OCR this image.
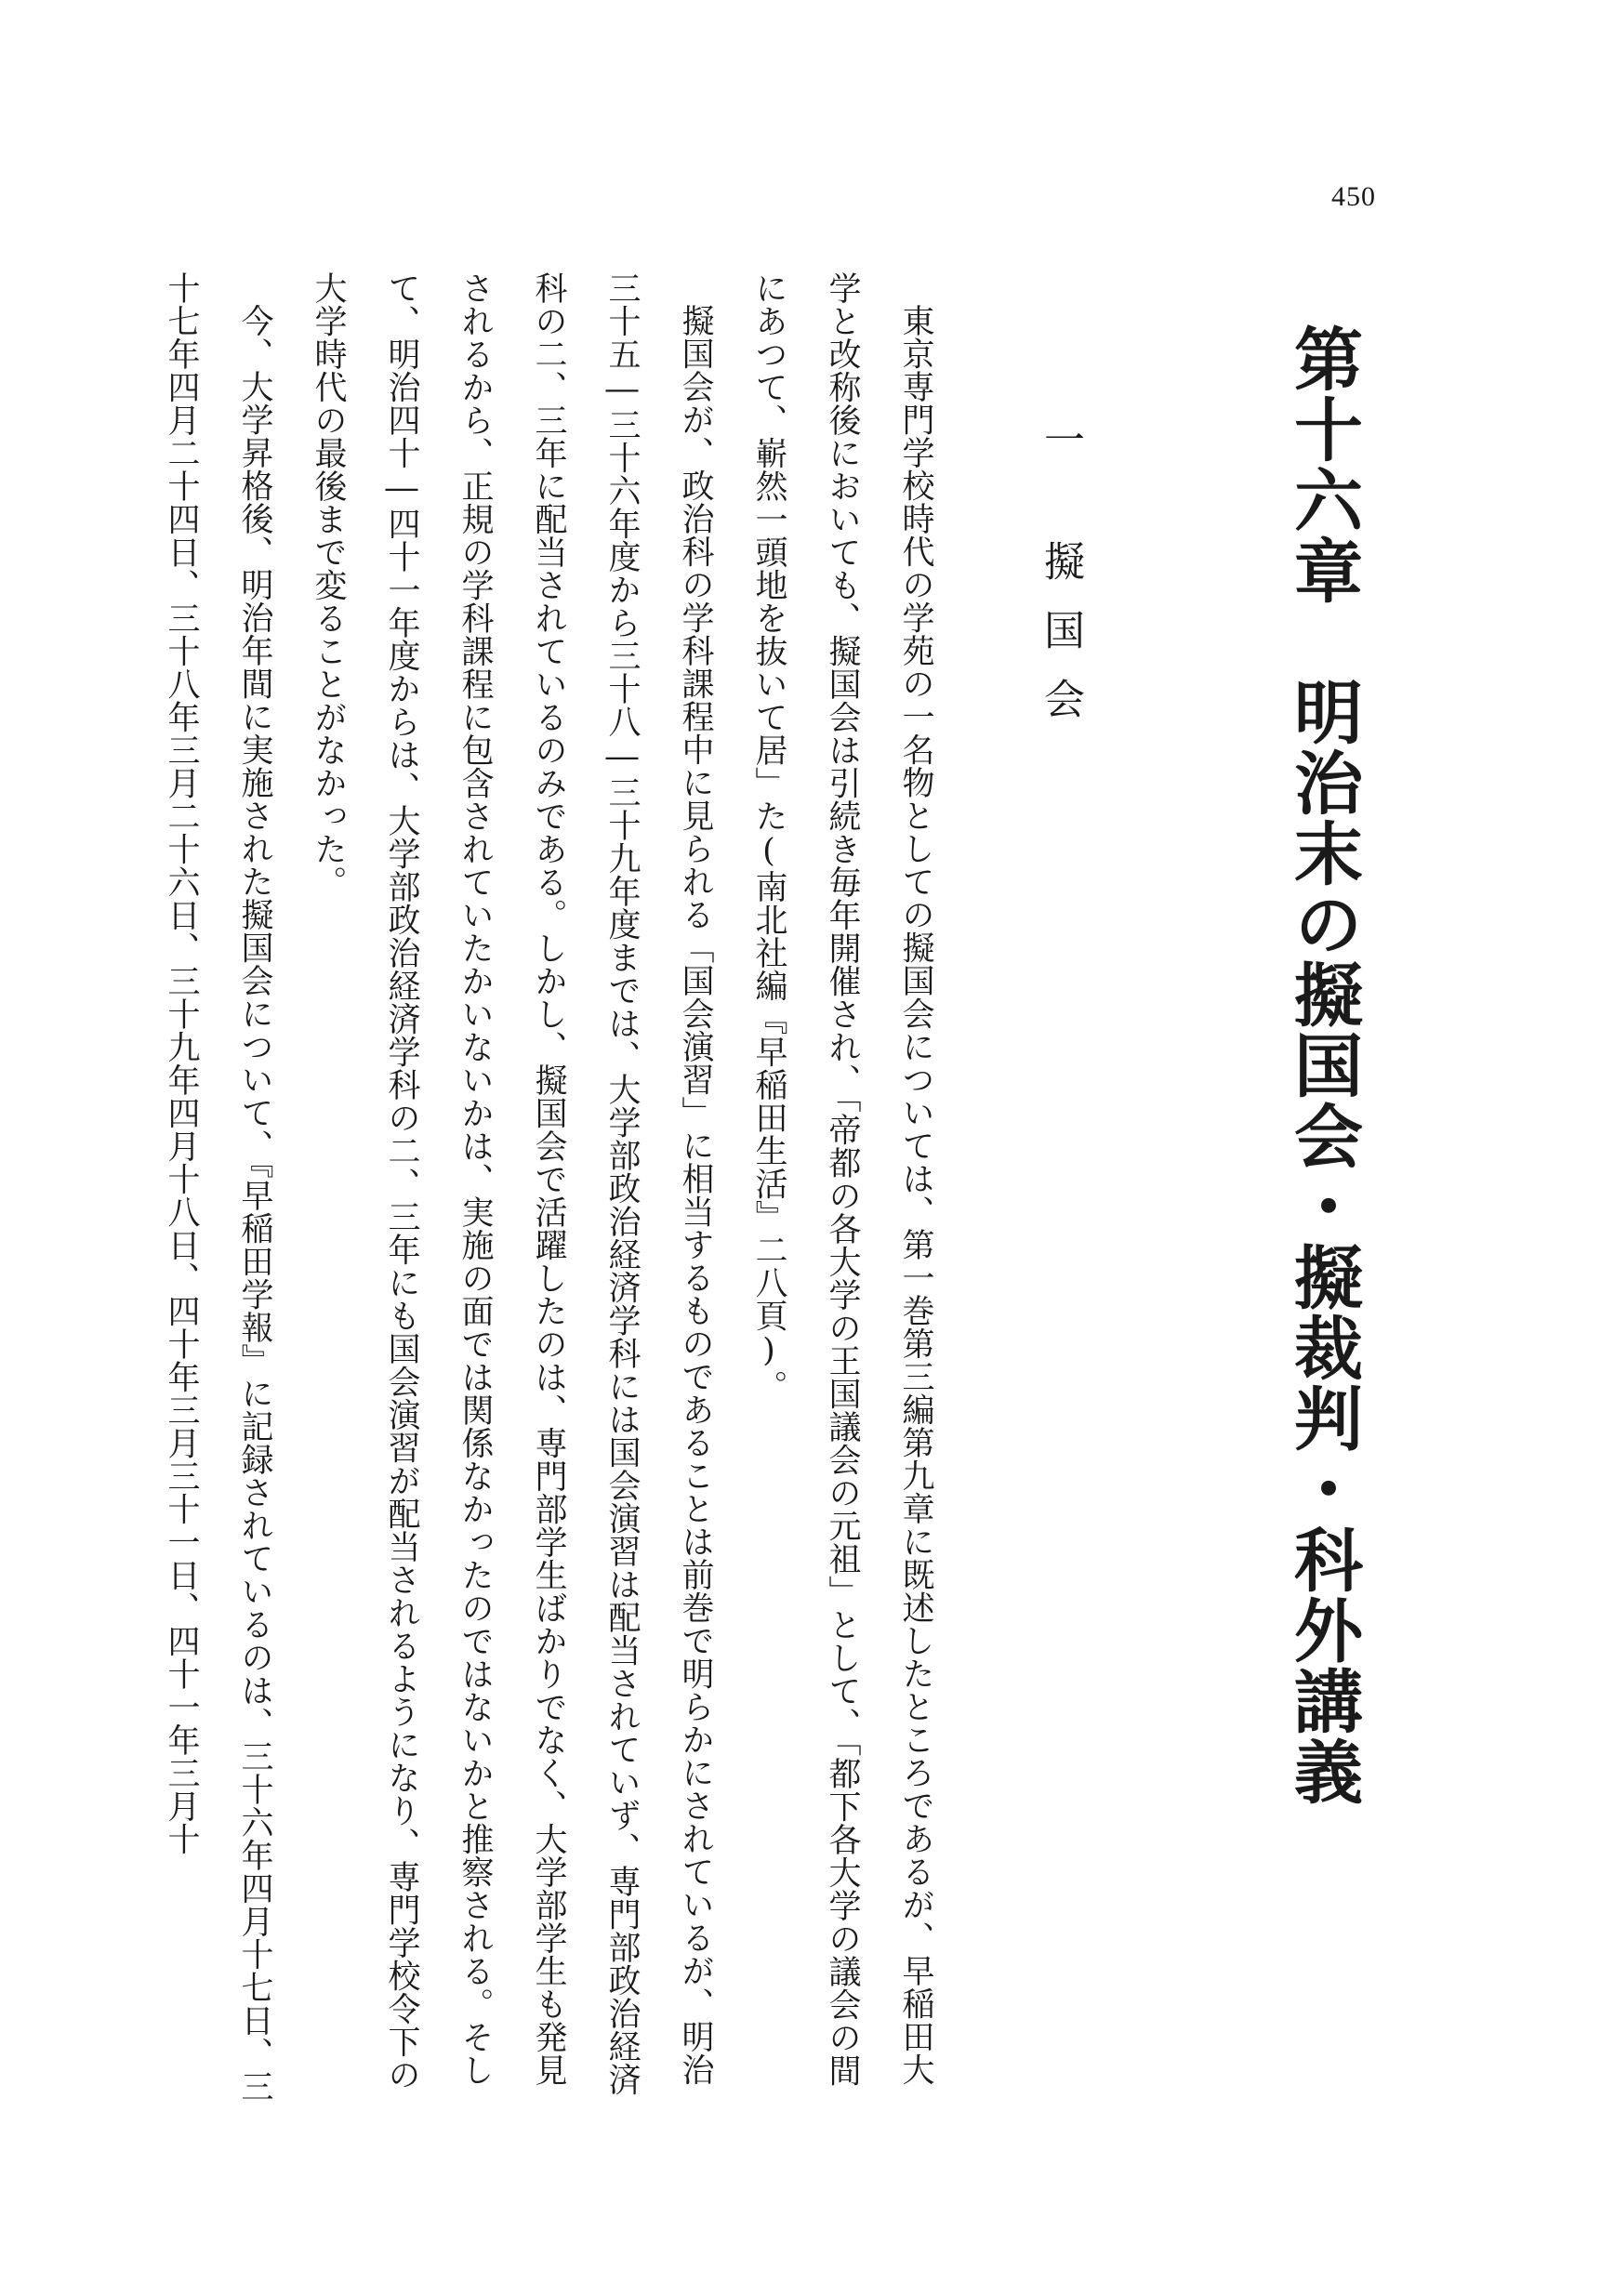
450
第十六章　明治末の擬国会・擬裁判・科外講義
一 擬国会

東京専門学校時代の学苑の一名物としての擬国会については、第一巻第三編第九章に既述したところであるが、早稲田大学と改称後においても、擬国会は引続き毎年開催され、「帝都の各大学の王国議会の元祖」として、「都下各大学の議会の間にあつて、嶄然一頭地を抜いて居」た(南北社編『早稲田生活』二八頁)。

擬国会が、政治科の学科課程中に見られる「国会演習」に相当するものであることは前巻で明らかにされているが、明治三十五―三十六年度から三十八―三十九年度までは、大学部政治経済学科には国会演習は配当されていず、専門部政治経済科の二、三年に配当されているのみである。しかし、擬国会で活躍したのは、専門部学生ばかりでなく、大学部学生も発見されるから、正規の学科課程に包含されていたかいないかは、実施の面では関係なかったのではないかと推察される。そして、明治四十―四十一年度からは、大学部政治経済学科の二、三年にも国会演習が配当されるようになり、専門学校令下の大学時代の最後まで変ることがなかった。

今、大学昇格後、明治年間に実施された擬国会について、『早稲田学報』に記録されているのは、三十六年四月十七日、三十七年四月二十四日、三十八年三月二十六日、三十九年四月十八日、四十年三月三十一日、四十一年三月十
